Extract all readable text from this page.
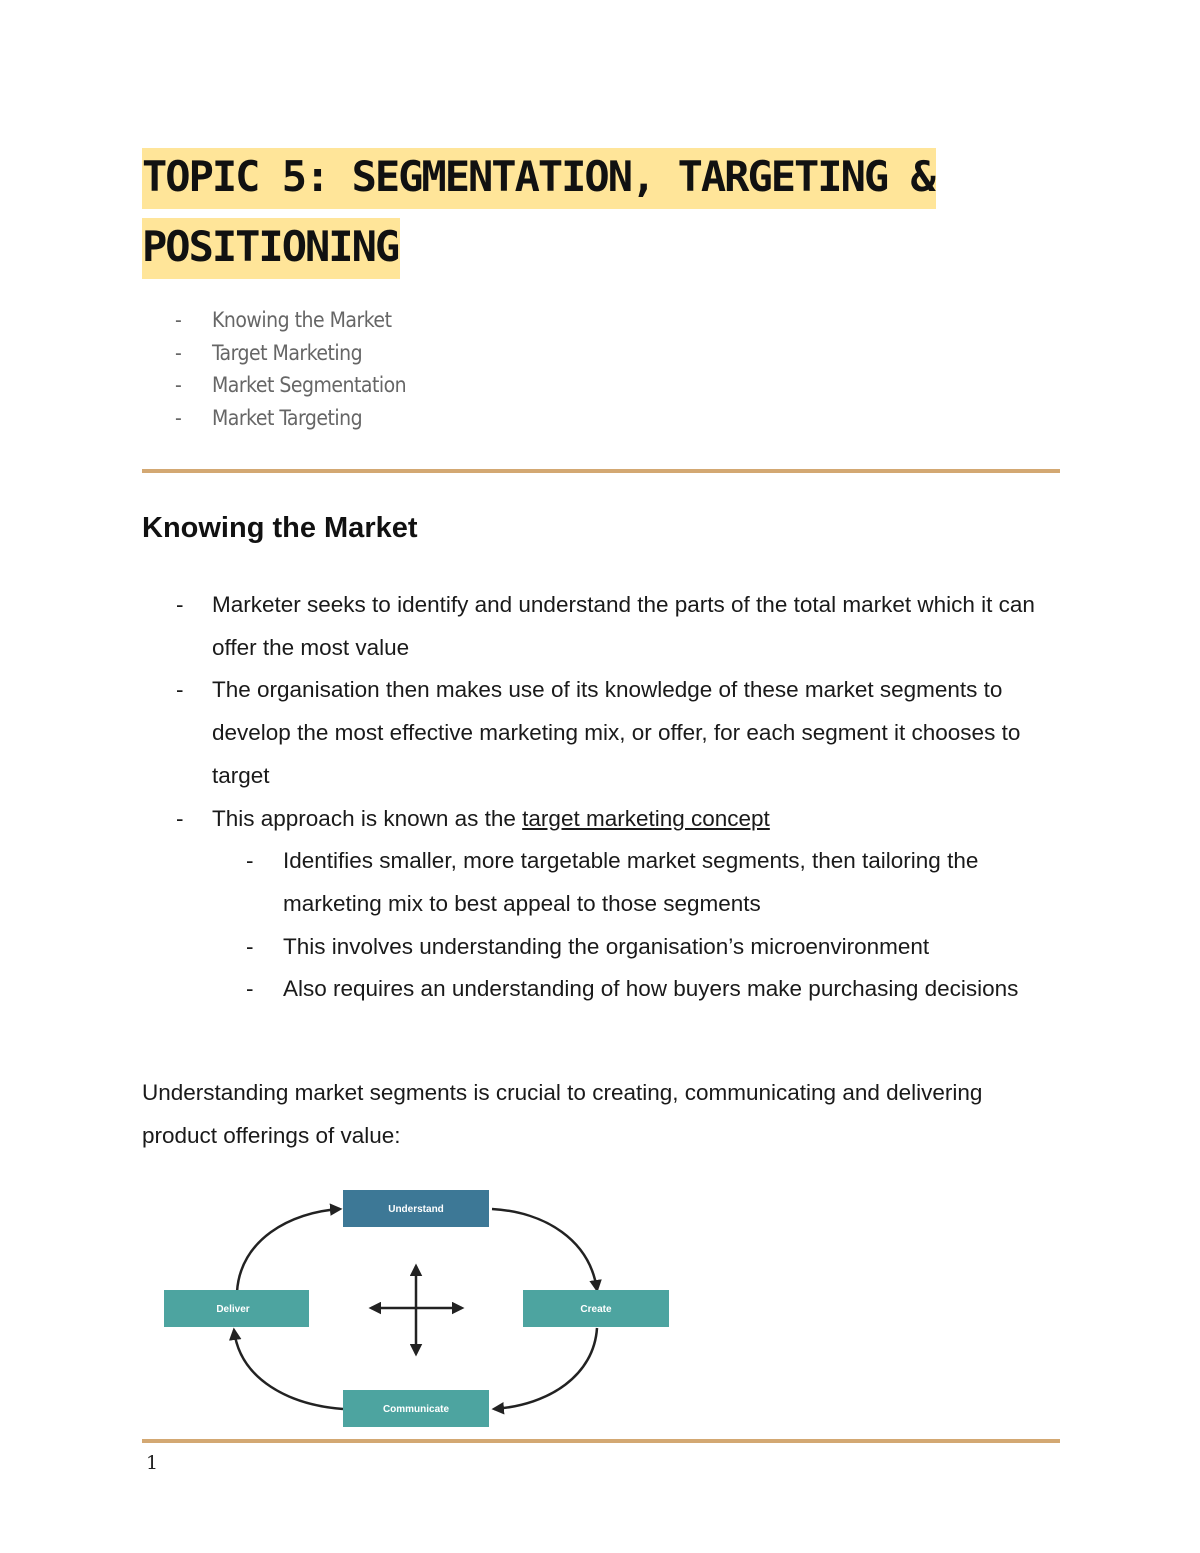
TOPIC 5: SEGMENTATION, TARGETING &
POSITIONING
- Knowing the Market
- Target Marketing
- Market Segmentation
- Market Targeting
Knowing the Market
- Marketer seeks to identify and understand the parts of the total market which it can offer the most value
- The organisation then makes use of its knowledge of these market segments to develop the most effective marketing mix, or offer, for each segment it chooses to target
- This approach is known as the target marketing concept
- Identifies smaller, more targetable market segments, then tailoring the marketing mix to best appeal to those segments
- This involves understanding the organisation’s microenvironment
- Also requires an understanding of how buyers make purchasing decisions

Understanding market segments is crucial to creating, communicating and delivering product offerings of value:

Understand
Create
Communicate
Deliver
1
